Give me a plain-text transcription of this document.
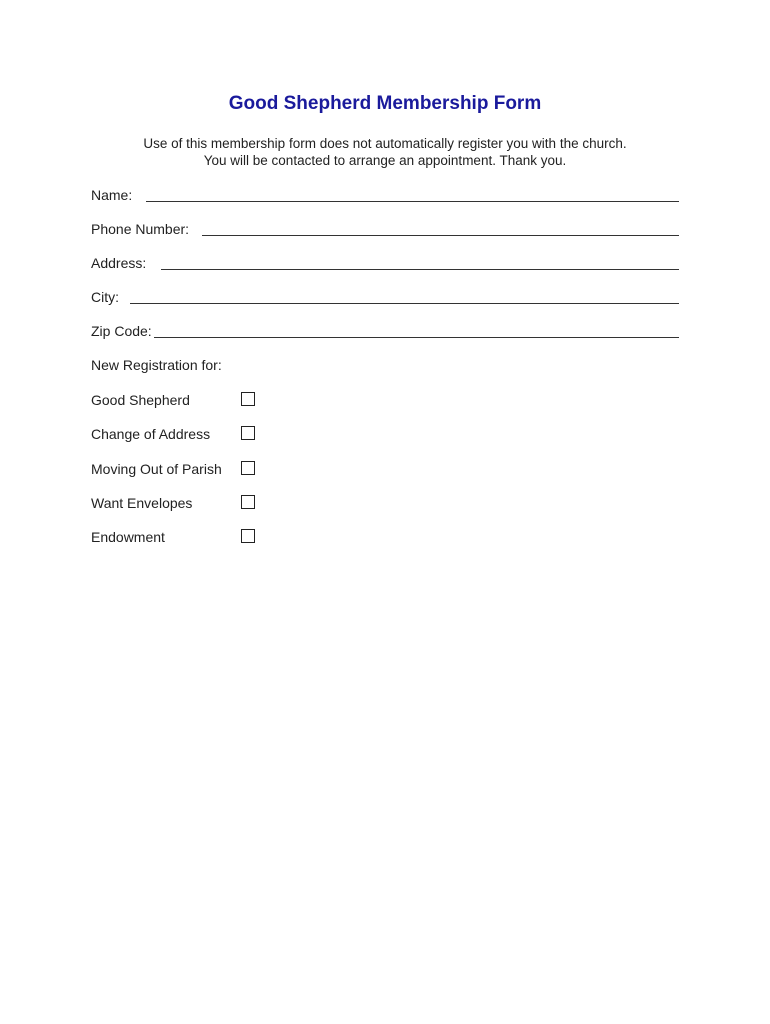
Good Shepherd Membership Form
Use of this membership form does not automatically register you with the church.
You will be contacted to arrange an appointment. Thank you.
Name:
Phone Number:
Address:
City:
Zip Code:
New Registration for:
Good Shepherd
Change of Address
Moving Out of Parish
Want Envelopes
Endowment
